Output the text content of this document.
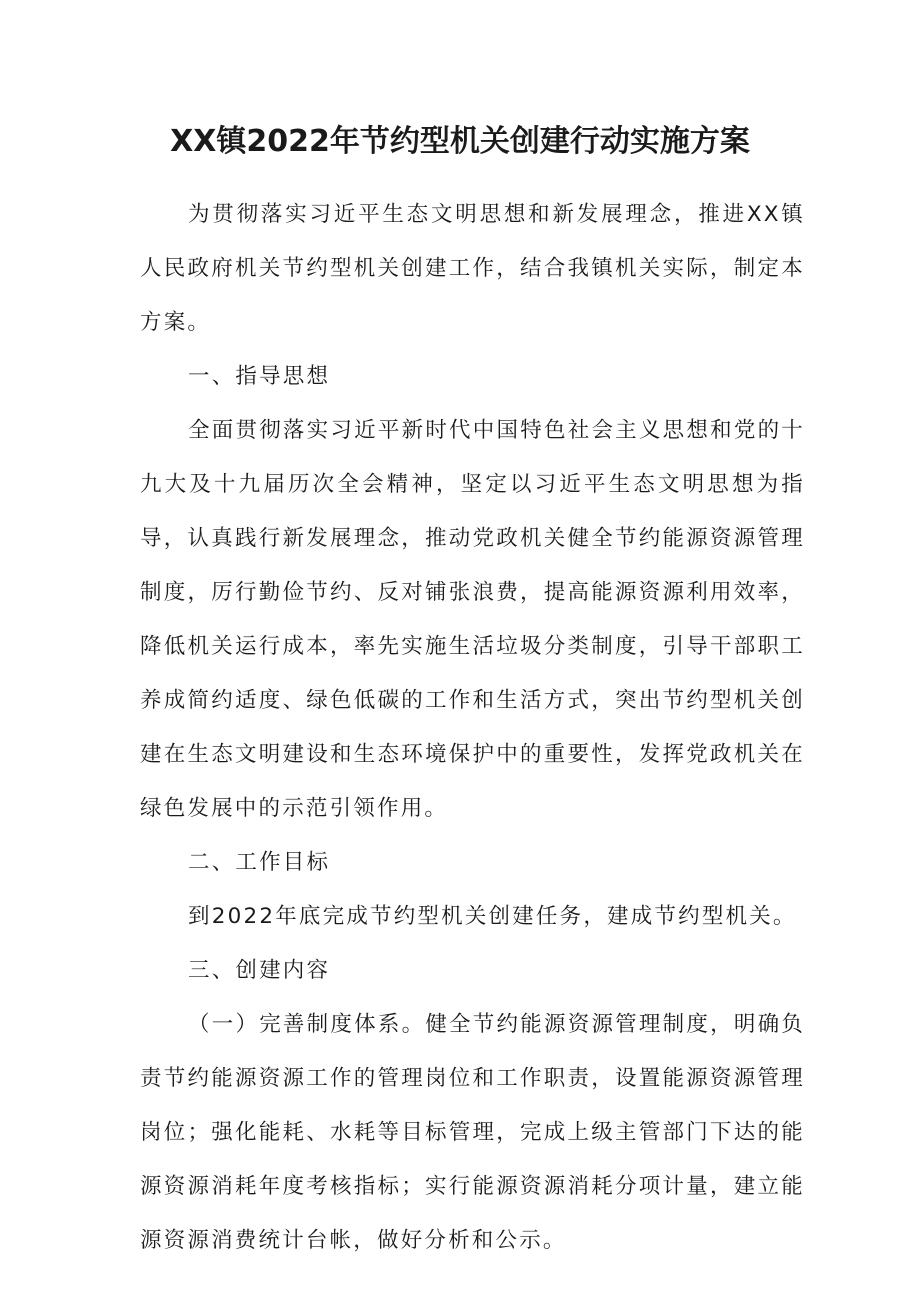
XX镇2022年节约型机关创建行动实施方案

为贯彻落实习近平生态文明思想和新发展理念，推进XX镇人民政府机关节约型机关创建工作，结合我镇机关实际，制定本方案。

一、指导思想

全面贯彻落实习近平新时代中国特色社会主义思想和党的十九大及十九届历次全会精神，坚定以习近平生态文明思想为指导，认真践行新发展理念，推动党政机关健全节约能源资源管理制度，厉行勤俭节约、反对铺张浪费，提高能源资源利用效率，降低机关运行成本，率先实施生活垃圾分类制度，引导干部职工养成简约适度、绿色低碳的工作和生活方式，突出节约型机关创建在生态文明建设和生态环境保护中的重要性，发挥党政机关在绿色发展中的示范引领作用。

二、工作目标

到2022年底完成节约型机关创建任务，建成节约型机关。

三、创建内容

（一）完善制度体系。健全节约能源资源管理制度，明确负责节约能源资源工作的管理岗位和工作职责，设置能源资源管理岗位；强化能耗、水耗等目标管理，完成上级主管部门下达的能源资源消耗年度考核指标；实行能源资源消耗分项计量，建立能源资源消费统计台帐，做好分析和公示。
